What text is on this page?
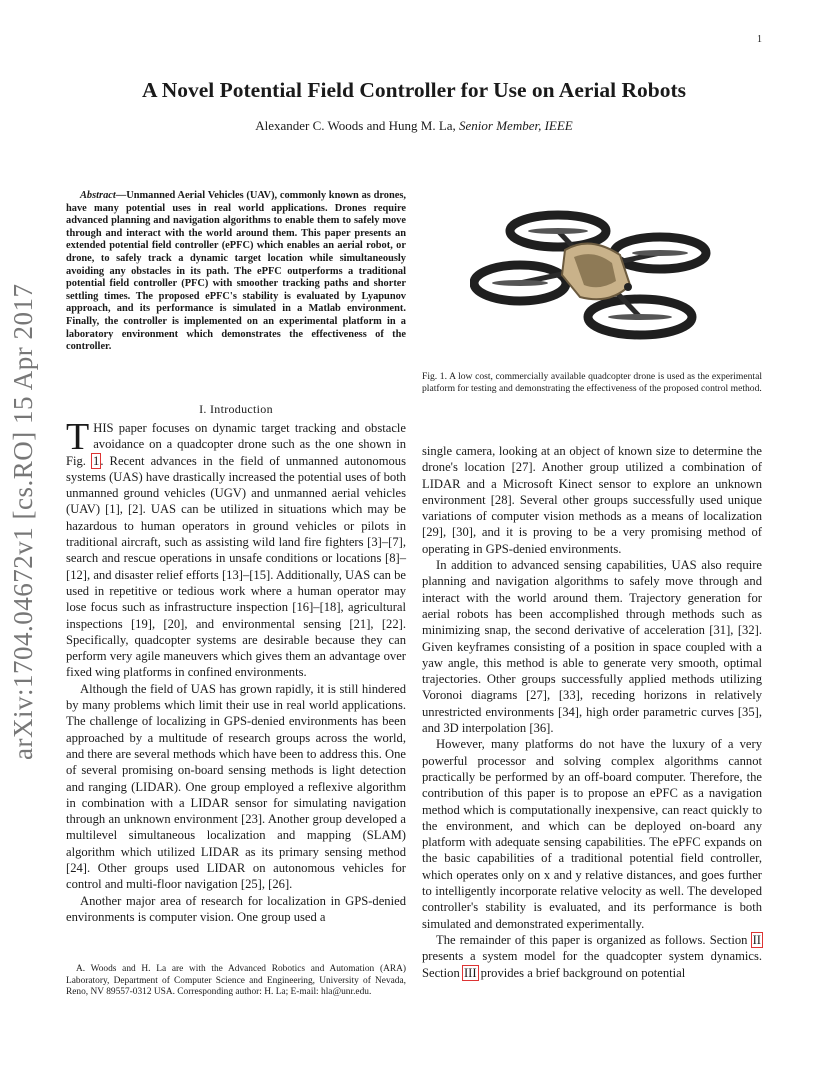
1
arXiv:1704.04672v1 [cs.RO] 15 Apr 2017
A Novel Potential Field Controller for Use on Aerial Robots
Alexander C. Woods and Hung M. La, Senior Member, IEEE
Abstract—Unmanned Aerial Vehicles (UAV), commonly known as drones, have many potential uses in real world applications. Drones require advanced planning and navigation algorithms to enable them to safely move through and interact with the world around them. This paper presents an extended potential field controller (ePFC) which enables an aerial robot, or drone, to safely track a dynamic target location while simultaneously avoiding any obstacles in its path. The ePFC outperforms a traditional potential field controller (PFC) with smoother tracking paths and shorter settling times. The proposed ePFC's stability is evaluated by Lyapunov approach, and its performance is simulated in a Matlab environment. Finally, the controller is implemented on an experimental platform in a laboratory environment which demonstrates the effectiveness of the controller.
Fig. 1. A low cost, commercially available quadcopter drone is used as the experimental platform for testing and demonstrating the effectiveness of the proposed control method.
I. Introduction

THIS paper focuses on dynamic target tracking and obstacle avoidance on a quadcopter drone such as the one shown in Fig. 1. Recent advances in the field of unmanned autonomous systems (UAS) have drastically increased the potential uses of both unmanned ground vehicles (UGV) and unmanned aerial vehicles (UAV) [1], [2]. UAS can be utilized in situations which may be hazardous to human operators in ground vehicles or pilots in traditional aircraft, such as assisting wild land fire fighters [3]–[7], search and rescue operations in unsafe conditions or locations [8]–[12], and disaster relief efforts [13]–[15]. Additionally, UAS can be used in repetitive or tedious work where a human operator may lose focus such as infrastructure inspection [16]–[18], agricultural inspections [19], [20], and environmental sensing [21], [22]. Specifically, quadcopter systems are desirable because they can perform very agile maneuvers which gives them an advantage over fixed wing platforms in confined environments.

Although the field of UAS has grown rapidly, it is still hindered by many problems which limit their use in real world applications. The challenge of localizing in GPS-denied environments has been approached by a multitude of research groups across the world, and there are several methods which have been to address this. One of several promising on-board sensing methods is light detection and ranging (LIDAR). One group employed a reflexive algorithm in combination with a LIDAR sensor for simulating navigation through an unknown environment [23]. Another group developed a multilevel simultaneous localization and mapping (SLAM) algorithm which utilized LIDAR as its primary sensing method [24]. Other groups used LIDAR on autonomous vehicles for control and multi-floor navigation [25], [26].

Another major area of research for localization in GPS-denied environments is computer vision. One group used a

single camera, looking at an object of known size to determine the drone's location [27]. Another group utilized a combination of LIDAR and a Microsoft Kinect sensor to explore an unknown environment [28]. Several other groups successfully used unique variations of computer vision methods as a means of localization [29], [30], and it is proving to be a very promising method of operating in GPS-denied environments.

In addition to advanced sensing capabilities, UAS also require planning and navigation algorithms to safely move through and interact with the world around them. Trajectory generation for aerial robots has been accomplished through methods such as minimizing snap, the second derivative of acceleration [31], [32]. Given keyframes consisting of a position in space coupled with a yaw angle, this method is able to generate very smooth, optimal trajectories. Other groups successfully applied methods utilizing Voronoi diagrams [27], [33], receding horizons in relatively unrestricted environments [34], high order parametric curves [35], and 3D interpolation [36].

However, many platforms do not have the luxury of a very powerful processor and solving complex algorithms cannot practically be performed by an off-board computer. Therefore, the contribution of this paper is to propose an ePFC as a navigation method which is computationally inexpensive, can react quickly to the environment, and which can be deployed on-board any platform with adequate sensing capabilities. The ePFC expands on the basic capabilities of a traditional potential field controller, which operates only on x and y relative distances, and goes further to intelligently incorporate relative velocity as well. The developed controller's stability is evaluated, and its performance is both simulated and demonstrated experimentally.

The remainder of this paper is organized as follows. Section II presents a system model for the quadcopter system dynamics. Section III provides a brief background on potential

A. Woods and H. La are with the Advanced Robotics and Automation (ARA) Laboratory, Department of Computer Science and Engineering, University of Nevada, Reno, NV 89557-0312 USA. Corresponding author: H. La; E-mail: hla@unr.edu.
